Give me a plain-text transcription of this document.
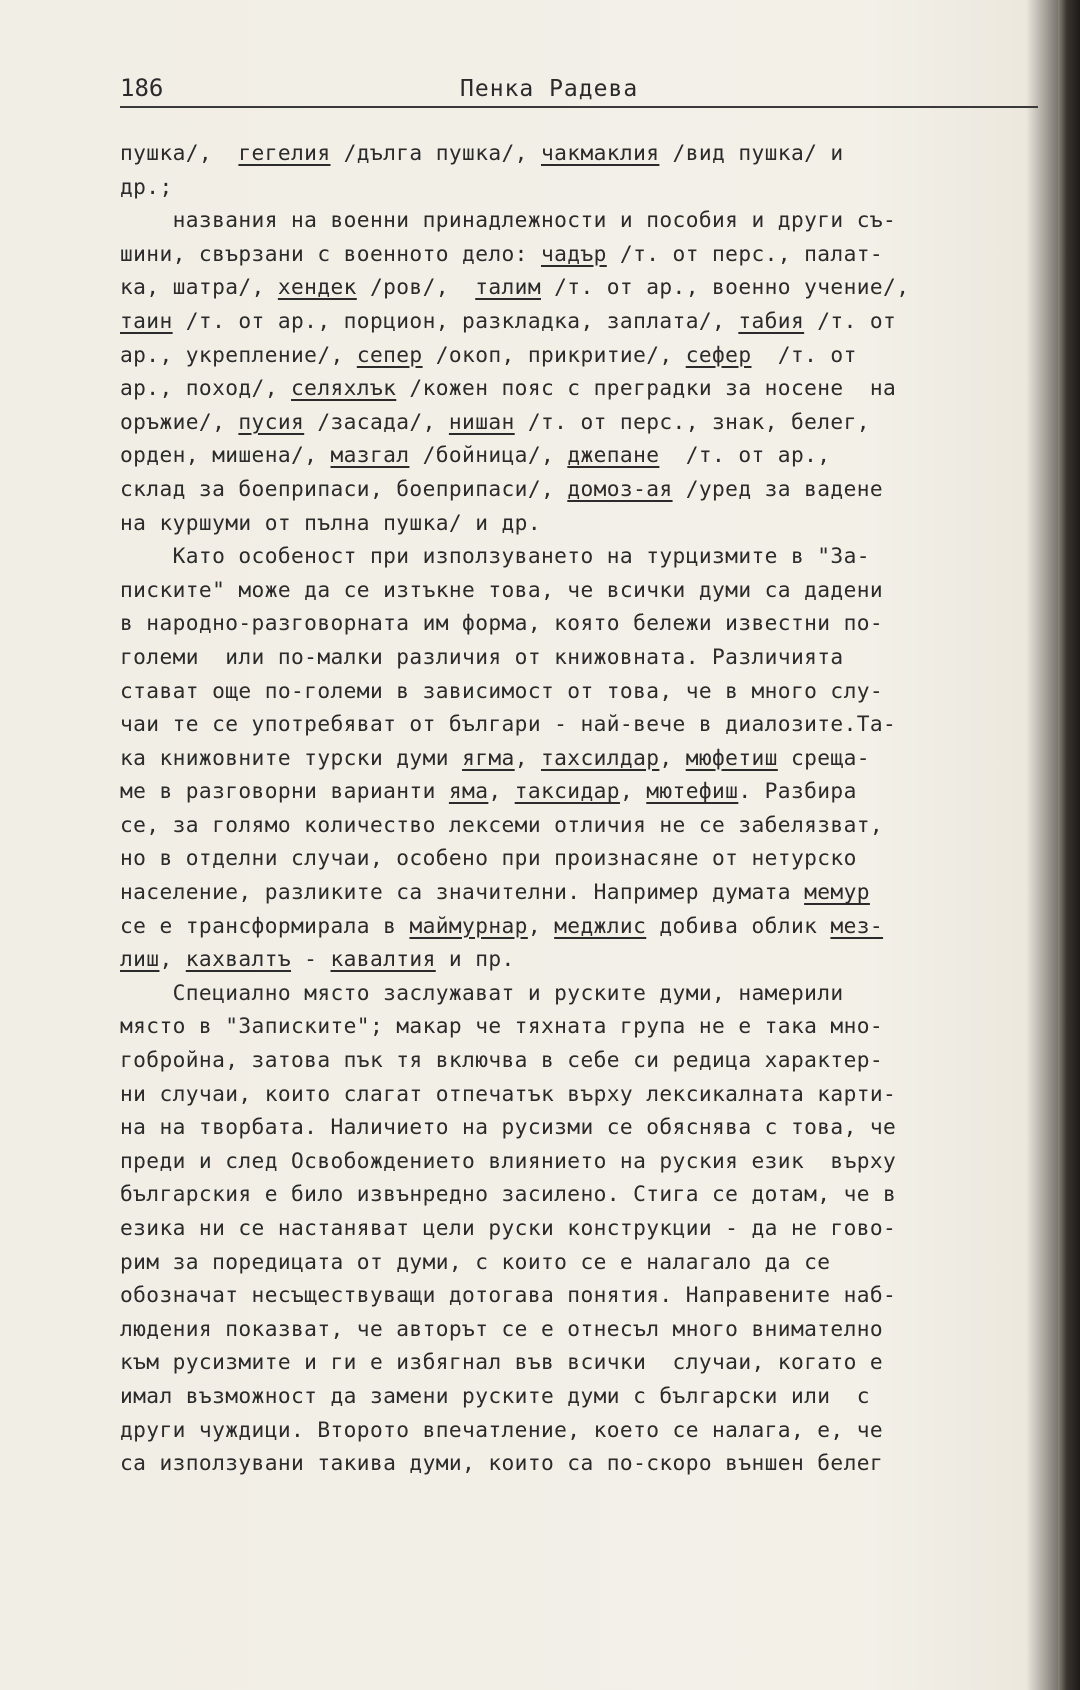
186	Пенка Радева
пушка/,  гегелия /дълга пушка/, чакмаклия /вид пушка/ и
др.;
названия на военни принадлежности и пособия и други съ-
шини, свързани с военното дело: чадър /т. от перс., палат-
ка, шатра/, хендек /ров/,  талим /т. от ар., военно учение/,
таин /т. от ар., порцион, разкладка, заплата/, табия /т. от
ар., укрепление/, сепер /окоп, прикритие/, сефер  /т. от
ар., поход/, селяхлък /кожен пояс с преградки за носене  на
оръжие/, пусия /засада/, нишан /т. от перс., знак, белег,
орден, мишена/, мазгал /бойница/, джепане  /т. от ар.,
склад за боеприпаси, боеприпаси/, домоз-ая /уред за вадене
на куршуми от пълна пушка/ и др.
Като особеност при използуването на турцизмите в "За-
писките" може да се изтъкне това, че всички думи са дадени
в народно-разговорната им форма, която бележи известни по-
големи  или по-малки различия от книжовната. Различията
стават още по-големи в зависимост от това, че в много слу-
чаи те се употребяват от българи - най-вече в диалозите.Та-
ка книжовните турски думи ягма, тахсилдар, мюфетиш среща-
ме в разговорни варианти яма, таксидар, мютефиш. Разбира
се, за голямо количество лексеми отличия не се забелязват,
но в отделни случаи, особено при произнасяне от нетурско
население, разликите са значителни. Например думата мемур
се е трансформирала в маймурнар, меджлис добива облик мез-
лиш, кахвалтъ - кавалтия и пр.
Специално място заслужават и руските думи, намерили
място в "Записките"; макар че тяхната група не е така мно-
гобройна, затова пък тя включва в себе си редица характер-
ни случаи, които слагат отпечатък върху лексикалната карти-
на на творбата. Наличието на русизми се обяснява с това, че
преди и след Освобождението влиянието на руския език  върху
българския е било извънредно засилено. Стига се дотам, че в
езика ни се настаняват цели руски конструкции - да не гово-
рим за поредицата от думи, с които се е налагало да се
обозначат несъществуващи дотогава понятия. Направените наб-
людения показват, че авторът се е отнесъл много внимателно
към русизмите и ги е избягнал във всички  случаи, когато е
имал възможност да замени руските думи с български или  с
други чуждици. Второто впечатление, което се налага, е, че
са използувани такива думи, които са по-скоро външен белег
